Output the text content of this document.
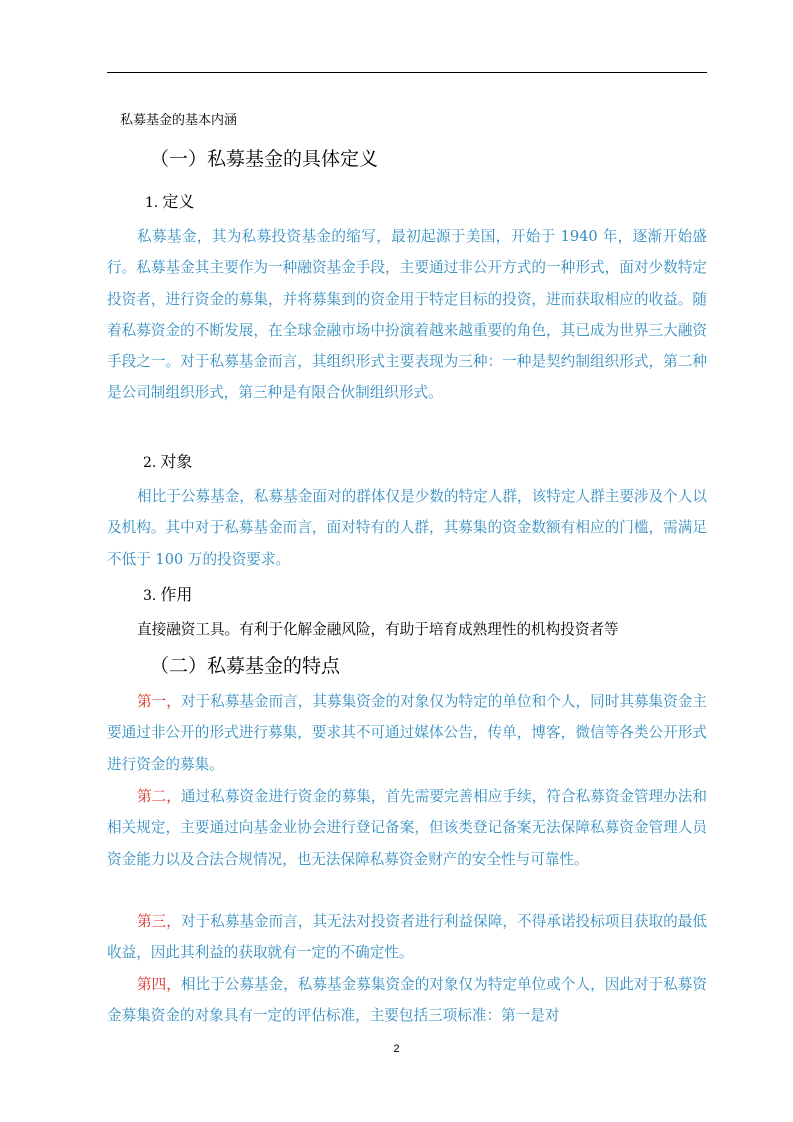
私募基金的基本内涵
（一）私募基金的具体定义
1. 定义

私募基金，其为私募投资基金的缩写，最初起源于美国，开始于 1940 年，逐渐开始盛行。私募基金其主要作为一种融资基金手段，主要通过非公开方式的一种形式，面对少数特定投资者，进行资金的募集，并将募集到的资金用于特定目标的投资，进而获取相应的收益。随着私募资金的不断发展，在全球金融市场中扮演着越来越重要的角色，其已成为世界三大融资手段之一。对于私募基金而言，其组织形式主要表现为三种：一种是契约制组织形式，第二种是公司制组织形式，第三种是有限合伙制组织形式。

2. 对象

相比于公募基金，私募基金面对的群体仅是少数的特定人群，该特定人群主要涉及个人以及机构。其中对于私募基金而言，面对特有的人群，其募集的资金数额有相应的门槛，需满足不低于 100 万的投资要求。

3. 作用

直接融资工具。有利于化解金融风险，有助于培育成熟理性的机构投资者等

（二）私募基金的特点

第一，对于私募基金而言，其募集资金的对象仅为特定的单位和个人，同时其募集资金主要通过非公开的形式进行募集，要求其不可通过媒体公告，传单，博客，微信等各类公开形式进行资金的募集。

第二，通过私募资金进行资金的募集，首先需要完善相应手续，符合私募资金管理办法和相关规定，主要通过向基金业协会进行登记备案，但该类登记备案无法保障私募资金管理人员资金能力以及合法合规情况，也无法保障私募资金财产的安全性与可靠性。

第三，对于私募基金而言，其无法对投资者进行利益保障，不得承诺投标项目获取的最低收益，因此其利益的获取就有一定的不确定性。

第四，相比于公募基金，私募基金募集资金的对象仅为特定单位或个人，因此对于私募资金募集资金的对象具有一定的评估标准，主要包括三项标准：第一是对

2
